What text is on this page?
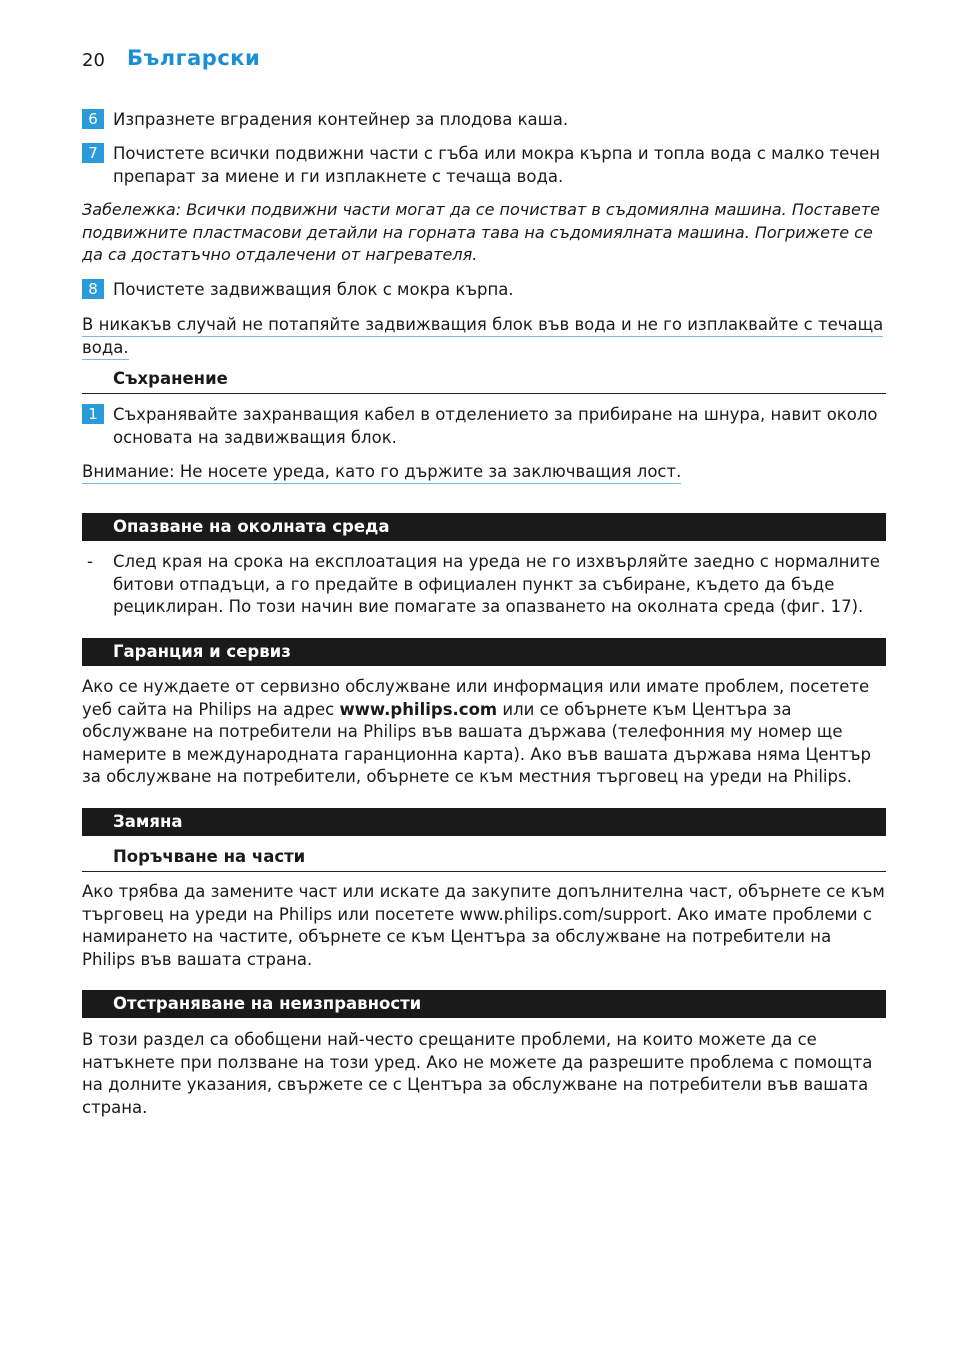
20 Български
6 Изпразнете вградения контейнер за плодова каша.
7 Почистете всички подвижни части с гъба или мокра кърпа и топла вода с малко течен препарат за миене и ги изплакнете с течаща вода.
Забележка: Всички подвижни части могат да се почистват в съдомиялна машина. Поставете подвижните пластмасови детайли на горната тава на съдомиялната машина. Погрижете се да са достатъчно отдалечени от нагревателя.
8 Почистете задвижващия блок с мокра кърпа.
В никакъв случай не потапяйте задвижващия блок във вода и не го изплаквайте с течаща вода.
Съхранение
1 Съхранявайте захранващия кабел в отделението за прибиране на шнура, навит около основата на задвижващия блок.
Внимание: Не носете уреда, като го държите за заключващия лост.
Опазване на околната среда
- След края на срока на експлоатация на уреда не го изхвърляйте заедно с нормалните битови отпадъци, а го предайте в официален пункт за събиране, където да бъде рециклиран. По този начин вие помагате за опазването на околната среда (фиг. 17).
Гаранция и сервиз
Ако се нуждаете от сервизно обслужване или информация или имате проблем, посетете уеб сайта на Philips на адрес www.philips.com или се обърнете към Центъра за обслужване на потребители на Philips във вашата държава (телефонния му номер ще намерите в международната гаранционна карта). Ако във вашата държава няма Център за обслужване на потребители, обърнете се към местния търговец на уреди на Philips.
Замяна
Поръчване на части
Ако трябва да замените част или искате да закупите допълнителна част, обърнете се към търговец на уреди на Philips или посетете www.philips.com/support. Ако имате проблеми с намирането на частите, обърнете се към Центъра за обслужване на потребители на Philips във вашата страна.
Отстраняване на неизправности
В този раздел са обобщени най-често срещаните проблеми, на които можете да се натъкнете при ползване на този уред. Ако не можете да разрешите проблема с помощта на долните указания, свържете се с Центъра за обслужване на потребители във вашата страна.
